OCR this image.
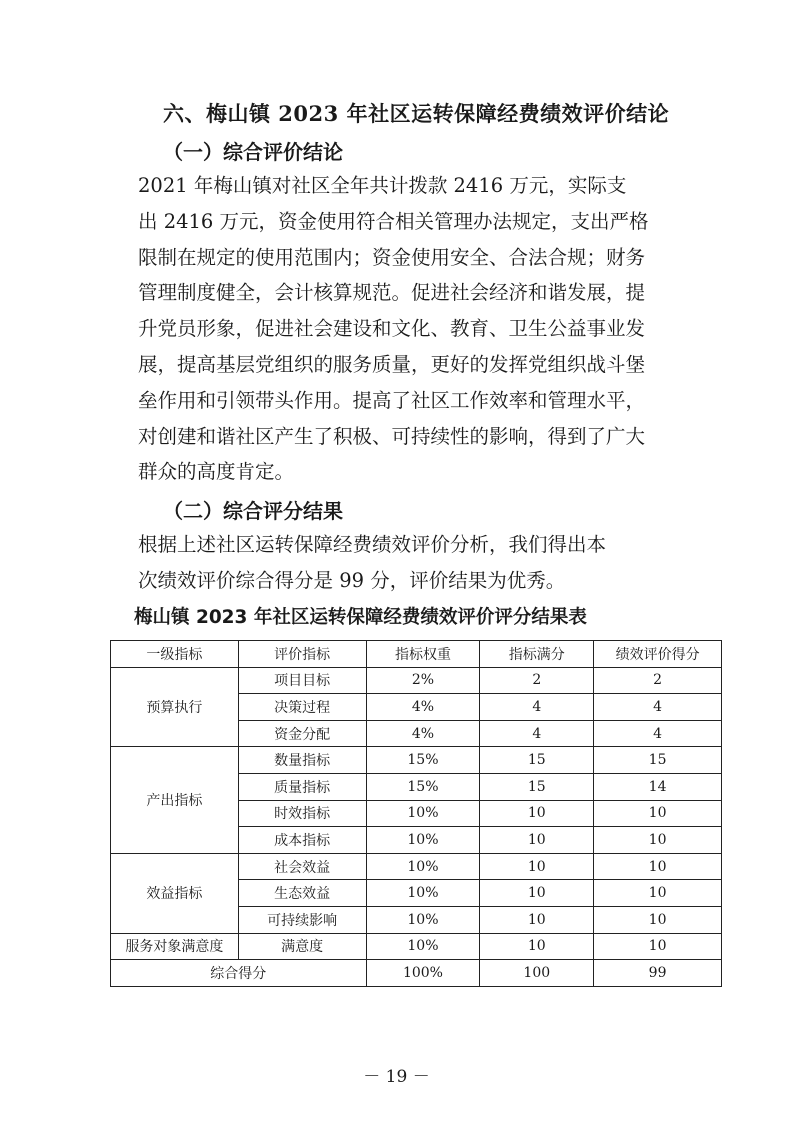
六、梅山镇 2023 年社区运转保障经费绩效评价结论
（一）综合评价结论
2021 年梅山镇对社区全年共计拨款 2416 万元，实际支
出 2416 万元，资金使用符合相关管理办法规定，支出严格
限制在规定的使用范围内；资金使用安全、合法合规；财务
管理制度健全，会计核算规范。促进社会经济和谐发展，提
升党员形象，促进社会建设和文化、教育、卫生公益事业发
展，提高基层党组织的服务质量，更好的发挥党组织战斗堡
垒作用和引领带头作用。提高了社区工作效率和管理水平，
对创建和谐社区产生了积极、可持续性的影响，得到了广大
群众的高度肯定。
（二）综合评分结果
根据上述社区运转保障经费绩效评价分析，我们得出本
次绩效评价综合得分是 99 分，评价结果为优秀。
梅山镇 2023 年社区运转保障经费绩效评价评分结果表
一级指标	评价指标	指标权重	指标满分	绩效评价得分
预算执行	项目目标	2%	2	2
	决策过程	4%	4	4
	资金分配	4%	4	4
产出指标	数量指标	15%	15	15
	质量指标	15%	15	14
	时效指标	10%	10	10
	成本指标	10%	10	10
效益指标	社会效益	10%	10	10
	生态效益	10%	10	10
	可持续影响	10%	10	10
服务对象满意度	满意度	10%	10	10
综合得分		100%	100	99
－ 19 －
